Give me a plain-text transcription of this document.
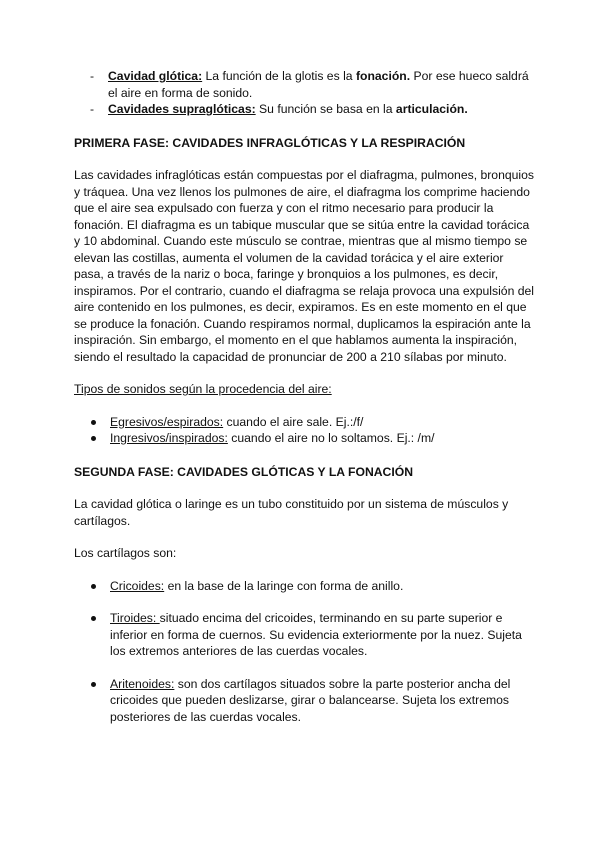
- Cavidad glótica: La función de la glotis es la fonación. Por ese hueco saldrá el aire en forma de sonido.

- Cavidades supraglóticas: Su función se basa en la articulación.

PRIMERA FASE: CAVIDADES INFRAGLÓTICAS Y LA RESPIRACIÓN

Las cavidades infraglóticas están compuestas por el diafragma, pulmones, bronquios y tráquea. Una vez llenos los pulmones de aire, el diafragma los comprime haciendo que el aire sea expulsado con fuerza y con el ritmo necesario para producir la fonación. El diafragma es un tabique muscular que se sitúa entre la cavidad torácica y 10 abdominal. Cuando este músculo se contrae, mientras que al mismo tiempo se elevan las costillas, aumenta el volumen de la cavidad torácica y el aire exterior pasa, a través de la nariz o boca, faringe y bronquios a los pulmones, es decir, inspiramos. Por el contrario, cuando el diafragma se relaja provoca una expulsión del aire contenido en los pulmones, es decir, expiramos. Es en este momento en el que se produce la fonación. Cuando respiramos normal, duplicamos la espiración ante la inspiración. Sin embargo, el momento en el que hablamos aumenta la inspiración, siendo el resultado la capacidad de pronunciar de 200 a 210 sílabas por minuto.

Tipos de sonidos según la procedencia del aire:

Egresivos/espirados: cuando el aire sale. Ej.:/f/
Ingresivos/inspirados: cuando el aire no lo soltamos. Ej.: /m/
SEGUNDA FASE: CAVIDADES GLÓTICAS Y LA FONACIÓN

La cavidad glótica o laringe es un tubo constituido por un sistema de músculos y cartílagos.

Los cartílagos son:

Cricoides: en la base de la laringe con forma de anillo.
Tiroides: situado encima del cricoides, terminando en su parte superior e inferior en forma de cuernos. Su evidencia exteriormente por la nuez. Sujeta los extremos anteriores de las cuerdas vocales.
Aritenoides: son dos cartílagos situados sobre la parte posterior ancha del cricoides que pueden deslizarse, girar o balancearse. Sujeta los extremos posteriores de las cuerdas vocales.
